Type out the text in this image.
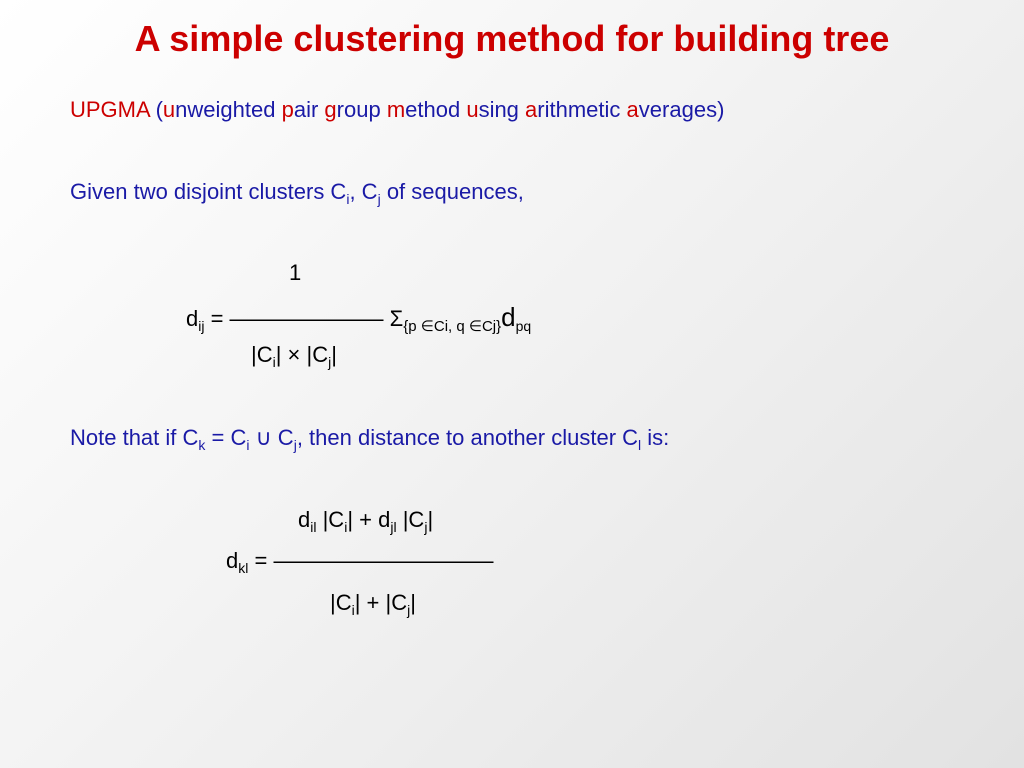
A simple clustering method for building tree
UPGMA (unweighted pair group method using arithmetic averages)
Given two disjoint clusters $C_i$, $C_j$ of sequences,
1
$d_{ij}$ = ——————— $\Sigma_{\{p \in Ci, q \in Cj\}}d_{pq}$
$|C_i| \times |C_j|$
Note that if $C_k = C_i$ ∪ $C_j$, then distance to another cluster $C_l$ is:
$d_{il}$ $|C_i| + d_{jl}$ $|C_j|$
$d_{kl}$ = ——————————
$|C_i| + |C_j|$
